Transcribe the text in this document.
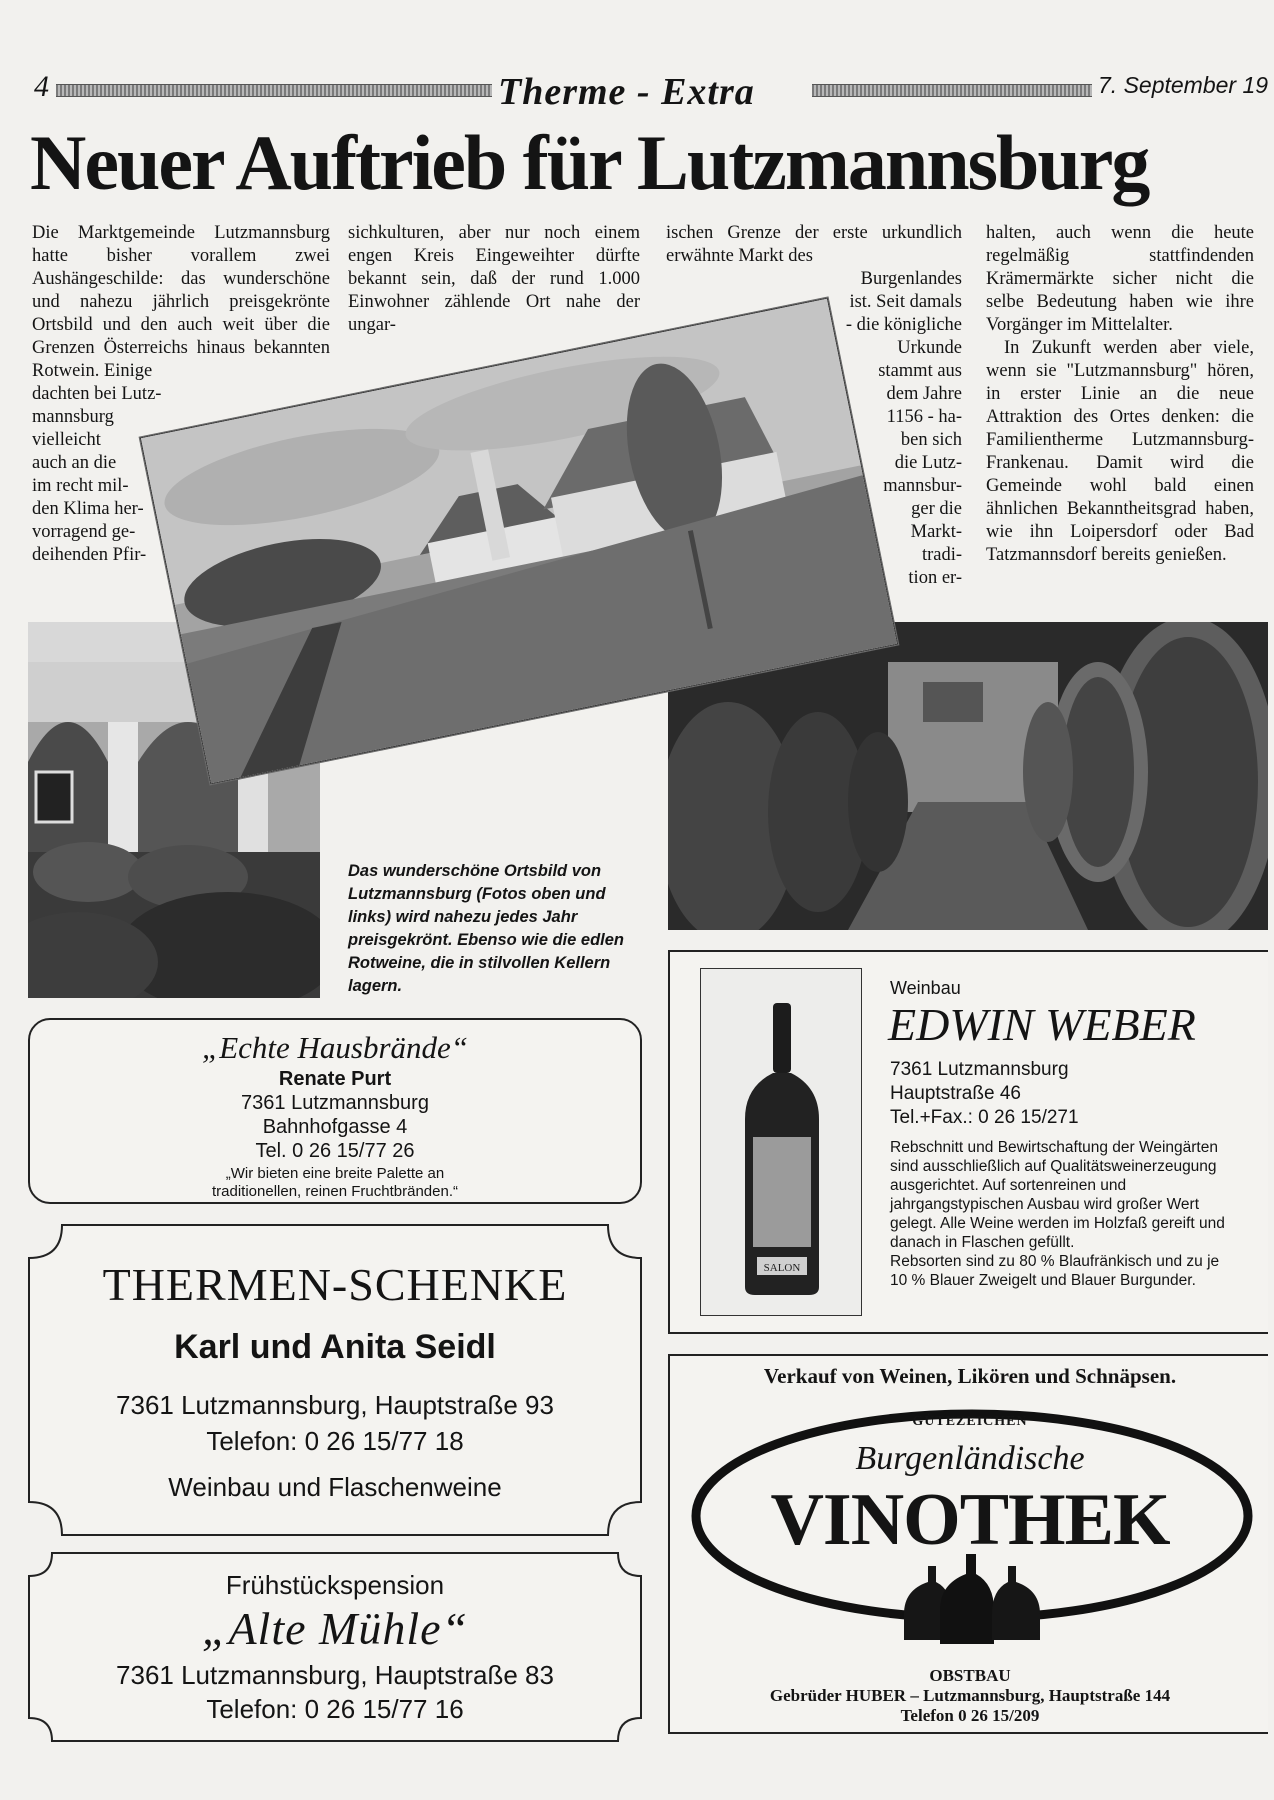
4	Therme - Extra	7. September 19
Neuer Auftrieb für Lutzmannsburg

Die Marktgemeinde Lutzmannsburg hatte bisher vorallem zwei Aushängeschilde: das wunderschöne und nahezu jährlich preisgekrönte Ortsbild und den auch weit über die Grenzen Österreichs hinaus bekannten Rotwein. Einige

dachten bei Lutz-
mannsburg
vielleicht
auch an die
im recht mil-
den Klima her-
vorragend ge-
deihenden Pfir-

sichkulturen, aber nur noch einem engen Kreis Eingeweihter dürfte bekannt sein, daß der rund 1.000 Einwohner zählende Ort nahe der ungar-

ischen Grenze der erste urkundlich erwähnte Markt des

Burgenlandes
ist. Seit damals
- die königliche
Urkunde
stammt aus
dem Jahre
1156 - ha-
ben sich
die Lutz-
mannsbur-
ger die
Markt-
tradi-
tion er-

halten, auch wenn die heute regelmäßig stattfindenden Krämermärkte sicher nicht die selbe Bedeutung haben wie ihre Vorgänger im Mittelalter.

In Zukunft werden aber viele, wenn sie "Lutzmannsburg" hören, in erster Linie an die neue Attraktion des Ortes denken: die Familientherme Lutzmannsburg-Frankenau. Damit wird die Gemeinde wohl bald einen ähnlichen Bekanntheitsgrad haben, wie ihn Loipersdorf oder Bad Tatzmannsdorf bereits genießen.

Das wunderschöne Ortsbild von Lutzmannsburg (Fotos oben und links) wird nahezu jedes Jahr preisgekrönt. Ebenso wie die edlen Rotweine, die in stilvollen Kellern lagern.
„Echte Hausbrände“
Renate Purt
7361 Lutzmannsburg
Bahnhofgasse 4
Tel. 0 26 15/77 26
„Wir bieten eine breite Palette an
traditionellen, reinen Fruchtbränden.“
THERMEN-SCHENKE
Karl und Anita Seidl
7361 Lutzmannsburg, Hauptstraße 93
Telefon: 0 26 15/77 18
Weinbau und Flaschenweine
Frühstückspension
„Alte Mühle“
7361 Lutzmannsburg, Hauptstraße 83
Telefon: 0 26 15/77 16
SALON
Weinbau
EDWIN WEBER
7361 Lutzmannsburg
Hauptstraße 46
Tel.+Fax.: 0 26 15/271
Rebschnitt und Bewirtschaftung der Weingärten sind ausschließlich auf Qualitätsweinerzeugung ausgerichtet. Auf sortenreinen und jahrgangstypischen Ausbau wird großer Wert gelegt. Alle Weine werden im Holzfaß gereift und danach in Flaschen gefüllt.
Rebsorten sind zu 80 % Blaufränkisch und zu je 10 % Blauer Zweigelt und Blauer Burgunder.
Verkauf von Weinen, Likören und Schnäpsen.
GÜTEZEICHEN
Burgenländische
VINOTHEK
OBSTBAU
Gebrüder HUBER – Lutzmannsburg, Hauptstraße 144
Telefon 0 26 15/209
